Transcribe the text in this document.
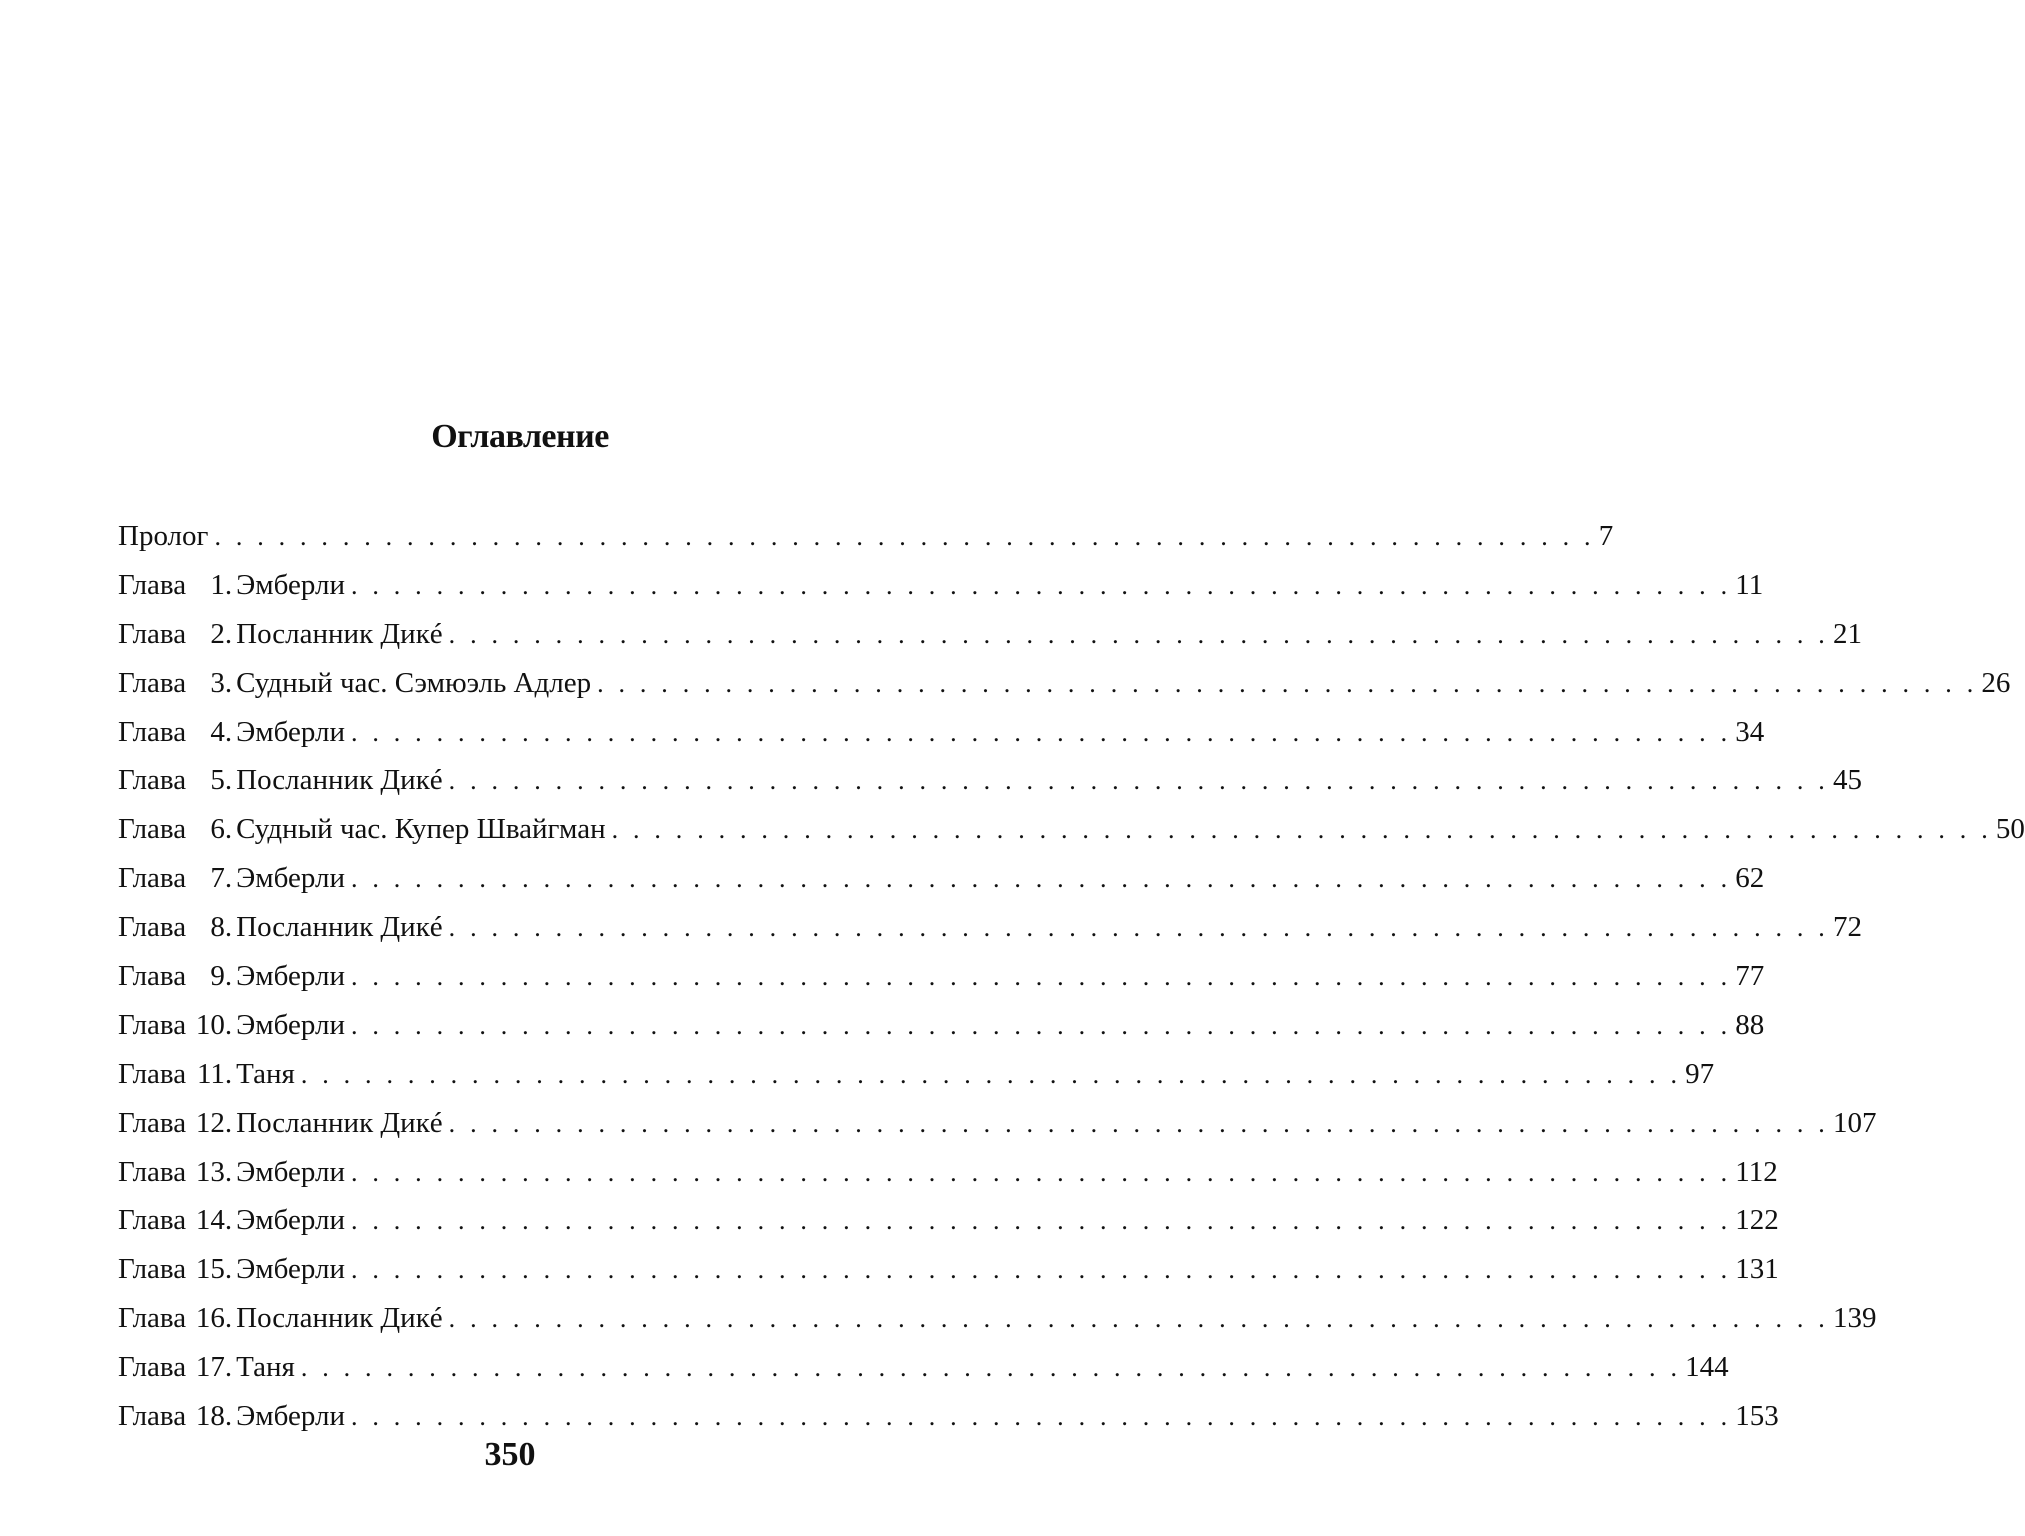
Оглавление
Пролог . . . . . . . . . . . . . . . . . . . . . . . . . . . . . . . . . . . . . . . . . . . . . . . . . . . . . . . . . . . . . . . . . 7
Глава 1. Эмберли . . . . . . . . . . . . . . . . . . . . . . . . . . . . . . . . . . . . . . . . . . . . . . . . . . . . . . . . . . . . . . . . . 11
Глава 2. Посланник Дикé . . . . . . . . . . . . . . . . . . . . . . . . . . . . . . . . . . . . . . . . . . . . . . . . . . . . . . . . . . . . . . . . . 21
Глава 3. Судный час. Сэмюэль Адлер . . . . . . . . . . . . . . . . . . . . . . . . . . . . . . . . . . . . . . . . . . . . . . . . . . . . . . . . . . . . . . . . . 26
Глава 4. Эмберли . . . . . . . . . . . . . . . . . . . . . . . . . . . . . . . . . . . . . . . . . . . . . . . . . . . . . . . . . . . . . . . . . 34
Глава 5. Посланник Дикé . . . . . . . . . . . . . . . . . . . . . . . . . . . . . . . . . . . . . . . . . . . . . . . . . . . . . . . . . . . . . . . . . 45
Глава 6. Судный час. Купер Швайгман . . . . . . . . . . . . . . . . . . . . . . . . . . . . . . . . . . . . . . . . . . . . . . . . . . . . . . . . . . . . . . . . . 50
Глава 7. Эмберли . . . . . . . . . . . . . . . . . . . . . . . . . . . . . . . . . . . . . . . . . . . . . . . . . . . . . . . . . . . . . . . . . 62
Глава 8. Посланник Дикé . . . . . . . . . . . . . . . . . . . . . . . . . . . . . . . . . . . . . . . . . . . . . . . . . . . . . . . . . . . . . . . . . 72
Глава 9. Эмберли . . . . . . . . . . . . . . . . . . . . . . . . . . . . . . . . . . . . . . . . . . . . . . . . . . . . . . . . . . . . . . . . . 77
Глава 10. Эмберли . . . . . . . . . . . . . . . . . . . . . . . . . . . . . . . . . . . . . . . . . . . . . . . . . . . . . . . . . . . . . . . . . 88
Глава 11. Таня . . . . . . . . . . . . . . . . . . . . . . . . . . . . . . . . . . . . . . . . . . . . . . . . . . . . . . . . . . . . . . . . . 97
Глава 12. Посланник Дикé . . . . . . . . . . . . . . . . . . . . . . . . . . . . . . . . . . . . . . . . . . . . . . . . . . . . . . . . . . . . . . . . . 107
Глава 13. Эмберли . . . . . . . . . . . . . . . . . . . . . . . . . . . . . . . . . . . . . . . . . . . . . . . . . . . . . . . . . . . . . . . . . 112
Глава 14. Эмберли . . . . . . . . . . . . . . . . . . . . . . . . . . . . . . . . . . . . . . . . . . . . . . . . . . . . . . . . . . . . . . . . . 122
Глава 15. Эмберли . . . . . . . . . . . . . . . . . . . . . . . . . . . . . . . . . . . . . . . . . . . . . . . . . . . . . . . . . . . . . . . . . 131
Глава 16. Посланник Дикé . . . . . . . . . . . . . . . . . . . . . . . . . . . . . . . . . . . . . . . . . . . . . . . . . . . . . . . . . . . . . . . . . 139
Глава 17. Таня . . . . . . . . . . . . . . . . . . . . . . . . . . . . . . . . . . . . . . . . . . . . . . . . . . . . . . . . . . . . . . . . . 144
Глава 18. Эмберли . . . . . . . . . . . . . . . . . . . . . . . . . . . . . . . . . . . . . . . . . . . . . . . . . . . . . . . . . . . . . . . . . 153
350
